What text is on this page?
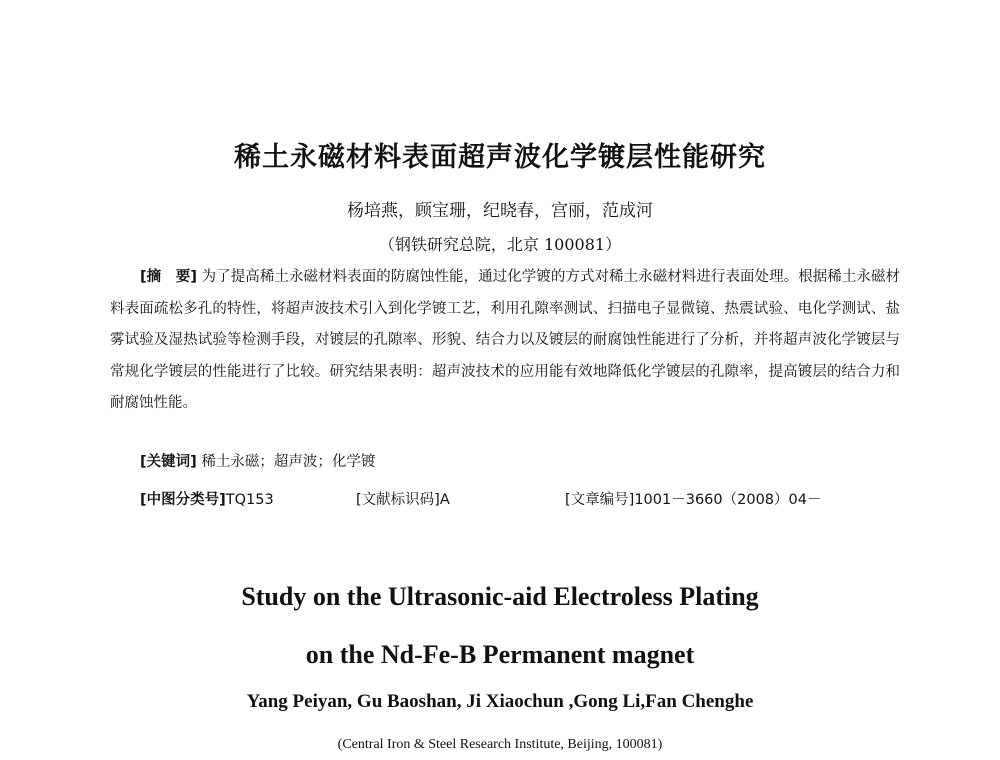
稀土永磁材料表面超声波化学镀层性能研究
杨培燕，顾宝珊，纪晓春，宫丽，范成河
（钢铁研究总院，北京 100081）

[摘　要] 为了提高稀土永磁材料表面的防腐蚀性能，通过化学镀的方式对稀土永磁材料进行表面处理。根据稀土永磁材料表面疏松多孔的特性，将超声波技术引入到化学镀工艺，利用孔隙率测试、扫描电子显微镜、热震试验、电化学测试、盐雾试验及湿热试验等检测手段，对镀层的孔隙率、形貌、结合力以及镀层的耐腐蚀性能进行了分析，并将超声波化学镀层与常规化学镀层的性能进行了比较。研究结果表明：超声波技术的应用能有效地降低化学镀层的孔隙率，提高镀层的结合力和耐腐蚀性能。

[关键词] 稀土永磁；超声波；化学镀
[中图分类号]TQ153	[文献标识码]A	[文章编号]1001－3660（2008）04－
Study on the Ultrasonic-aid Electroless Plating
on the Nd-Fe-B Permanent magnet
Yang Peiyan, Gu Baoshan, Ji Xiaochun ,Gong Li,Fan Chenghe
(Central Iron & Steel Research Institute, Beijing, 100081)
